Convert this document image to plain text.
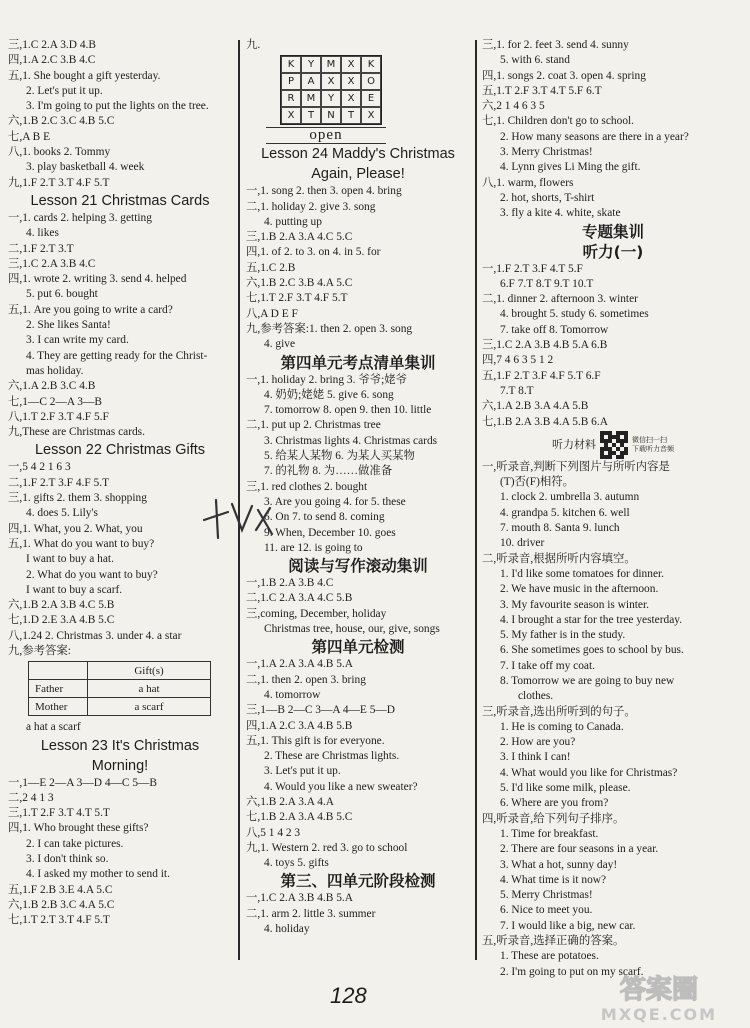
三,1.C 2.A 3.D 4.B
四,1.A 2.C 3.B 4.C
五,1. She bought a gift yesterday.
2. Let's put it up.
3. I'm going to put the lights on the tree.
六,1.B 2.C 3.C 4.B 5.C
七,A B E
八,1. books 2. Tommy
3. play basketball 4. week
九,1.F 2.T 3.T 4.F 5.T
Lesson 21 Christmas Cards
一,1. cards 2. helping 3. getting
4. likes
二,1.F 2.T 3.T
三,1.C 2.A 3.B 4.C
四,1. wrote 2. writing 3. send 4. helped
5. put 6. bought
五,1. Are you going to write a card?
2. She likes Santa!
3. I can write my card.
4. They are getting ready for the Christ-
mas holiday.
六,1.A 2.B 3.C 4.B
七,1—C 2—A 3—B
八,1.T 2.F 3.T 4.F 5.F
九,These are Christmas cards.
Lesson 22 Christmas Gifts
一,5 4 2 1 6 3
二,1.F 2.T 3.F 4.F 5.T
三,1. gifts 2. them 3. shopping
4. does 5. Lily's
四,1. What, you 2. What, you
五,1. What do you want to buy?
I want to buy a hat.
2. What do you want to buy?
I want to buy a scarf.
六,1.B 2.A 3.B 4.C 5.B
七,1.D 2.E 3.A 4.B 5.C
八,1.24 2. Christmas 3. under 4. a star
九,参考答案:
	Gift(s)
Father	a hat
Mother	a scarf
a hat a scarf
Lesson 23 It's Christmas
Morning!
一,1—E 2—A 3—D 4—C 5—B
二,2 4 1 3
三,1.T 2.F 3.T 4.T 5.T
四,1. Who brought these gifts?
2. I can take pictures.
3. I don't think so.
4. I asked my mother to send it.
五,1.F 2.B 3.E 4.A 5.C
六,1.B 2.B 3.C 4.A 5.C
七,1.T 2.T 3.T 4.F 5.T
九.
K	Y	M	X	K
P	A	X	X	O
R	M	Y	X	E
X	T	N	T	X
open
Lesson 24 Maddy's Christmas
Again, Please!
一,1. song 2. then 3. open 4. bring
二,1. holiday 2. give 3. song
4. putting up
三,1.B 2.A 3.A 4.C 5.C
四,1. of 2. to 3. on 4. in 5. for
五,1.C 2.B
六,1.B 2.C 3.B 4.A 5.C
七,1.T 2.F 3.T 4.F 5.T
八,A D E F
九,参考答案:1. then 2. open 3. song
4. give
第四单元考点清单集训
一,1. holiday 2. bring 3. 爷爷;姥爷
4. 奶奶;姥姥 5. give 6. song
7. tomorrow 8. open 9. then 10. little
二,1. put up 2. Christmas tree
3. Christmas lights 4. Christmas cards
5. 给某人某物 6. 为某人买某物
7. 的礼物 8. 为……做准备
三,1. red clothes 2. bought
3. Are you going 4. for 5. these
6. On 7. to send 8. coming
9. When, December 10. goes
11. are 12. is going to
阅读与写作滚动集训
一,1.B 2.A 3.B 4.C
二,1.C 2.A 3.A 4.C 5.B
三,coming, December, holiday
Christmas tree, house, our, give, songs
第四单元检测
一,1.A 2.A 3.A 4.B 5.A
二,1. then 2. open 3. bring
4. tomorrow
三,1—B 2—C 3—A 4—E 5—D
四,1.A 2.C 3.A 4.B 5.B
五,1. This gift is for everyone.
2. These are Christmas lights.
3. Let's put it up.
4. Would you like a new sweater?
六,1.B 2.A 3.A 4.A
七,1.B 2.A 3.A 4.B 5.C
八,5 1 4 2 3
九,1. Western 2. red 3. go to school
4. toys 5. gifts
第三、四单元阶段检测
一,1.C 2.A 3.B 4.B 5.A
二,1. arm 2. little 3. summer
4. holiday
三,1. for 2. feet 3. send 4. sunny
5. with 6. stand
四,1. songs 2. coat 3. open 4. spring
五,1.T 2.F 3.T 4.T 5.F 6.T
六,2 1 4 6 3 5
七,1. Children don't go to school.
2. How many seasons are there in a year?
3. Merry Christmas!
4. Lynn gives Li Ming the gift.
八,1. warm, flowers
2. hot, shorts, T-shirt
3. fly a kite 4. white, skate
专题集训
听力(一)
一,1.F 2.T 3.F 4.T 5.F
6.F 7.T 8.T 9.T 10.T
二,1. dinner 2. afternoon 3. winter
4. brought 5. study 6. sometimes
7. take off 8. Tomorrow
三,1.C 2.A 3.B 4.B 5.A 6.B
四,7 4 6 3 5 1 2
五,1.F 2.T 3.F 4.F 5.T 6.F
7.T 8.T
六,1.A 2.B 3.A 4.A 5.B
七,1.B 2.A 3.B 4.A 5.B 6.A
听力材料	微信扫一扫
下载听力音频
一,听录音,判断下列图片与所听内容是
(T)否(F)相符。
1. clock 2. umbrella 3. autumn
4. grandpa 5. kitchen 6. well
7. mouth 8. Santa 9. lunch
10. driver
二,听录音,根据所听内容填空。
1. I'd like some tomatoes for dinner.
2. We have music in the afternoon.
3. My favourite season is winter.
4. I brought a star for the tree yesterday.
5. My father is in the study.
6. She sometimes goes to school by bus.
7. I take off my coat.
8. Tomorrow we are going to buy new
clothes.
三,听录音,选出所听到的句子。
1. He is coming to Canada.
2. How are you?
3. I think I can!
4. What would you like for Christmas?
5. I'd like some milk, please.
6. Where are you from?
四,听录音,给下列句子排序。
1. Time for breakfast.
2. There are four seasons in a year.
3. What a hot, sunny day!
4. What time is it now?
5. Merry Christmas!
6. Nice to meet you.
7. I would like a big, new car.
五,听录音,选择正确的答案。
1. These are potatoes.
2. I'm going to put on my scarf.
128	答案圈
MXQE.COM
